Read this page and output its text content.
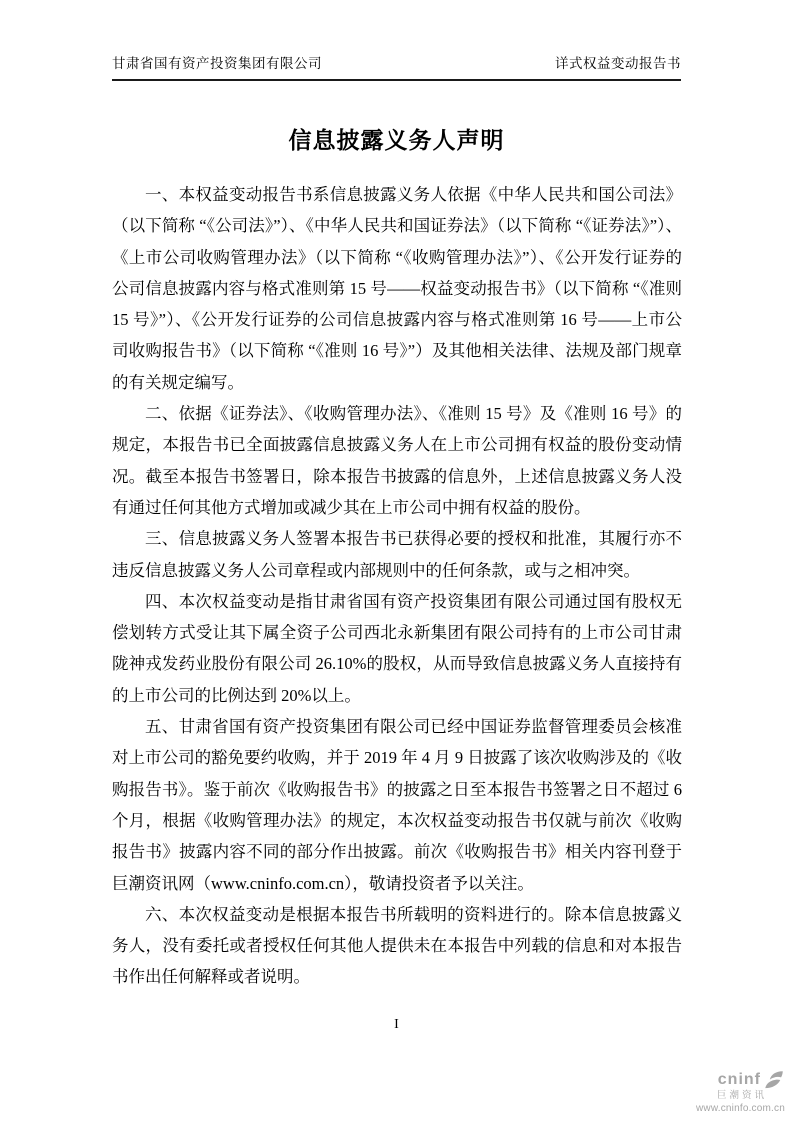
甘肃省国有资产投资集团有限公司	详式权益变动报告书
信息披露义务人声明

一、本权益变动报告书系信息披露义务人依据《中华人民共和国公司法》（以下简称 “《公司法》”）、《中华人民共和国证券法》（以下简称 “《证券法》”）、《上市公司收购管理办法》（以下简称 “《收购管理办法》”）、《公开发行证券的公司信息披露内容与格式准则第 15 号——权益变动报告书》（以下简称 “《准则 15 号》”）、《公开发行证券的公司信息披露内容与格式准则第 16 号——上市公司收购报告书》（以下简称 “《准则 16 号》”）及其他相关法律、法规及部门规章的有关规定编写。

二、依据《证券法》、《收购管理办法》、《准则 15 号》及《准则 16 号》的规定，本报告书已全面披露信息披露义务人在上市公司拥有权益的股份变动情况。截至本报告书签署日，除本报告书披露的信息外，上述信息披露义务人没有通过任何其他方式增加或减少其在上市公司中拥有权益的股份。

三、信息披露义务人签署本报告书已获得必要的授权和批准，其履行亦不违反信息披露义务人公司章程或内部规则中的任何条款，或与之相冲突。

四、本次权益变动是指甘肃省国有资产投资集团有限公司通过国有股权无偿划转方式受让其下属全资子公司西北永新集团有限公司持有的上市公司甘肃陇神戎发药业股份有限公司 26.10%的股权，从而导致信息披露义务人直接持有的上市公司的比例达到 20%以上。

五、甘肃省国有资产投资集团有限公司已经中国证券监督管理委员会核准对上市公司的豁免要约收购，并于 2019 年 4 月 9 日披露了该次收购涉及的《收购报告书》。鉴于前次《收购报告书》的披露之日至本报告书签署之日不超过 6 个月，根据《收购管理办法》的规定，本次权益变动报告书仅就与前次《收购报告书》披露内容不同的部分作出披露。前次《收购报告书》相关内容刊登于巨潮资讯网（www.cninfo.com.cn），敬请投资者予以关注。

六、本次权益变动是根据本报告书所载明的资料进行的。除本信息披露义务人，没有委托或者授权任何其他人提供未在本报告中列载的信息和对本报告书作出任何解释或者说明。

I
cninf
巨潮资讯
www.cninfo.com.cn
